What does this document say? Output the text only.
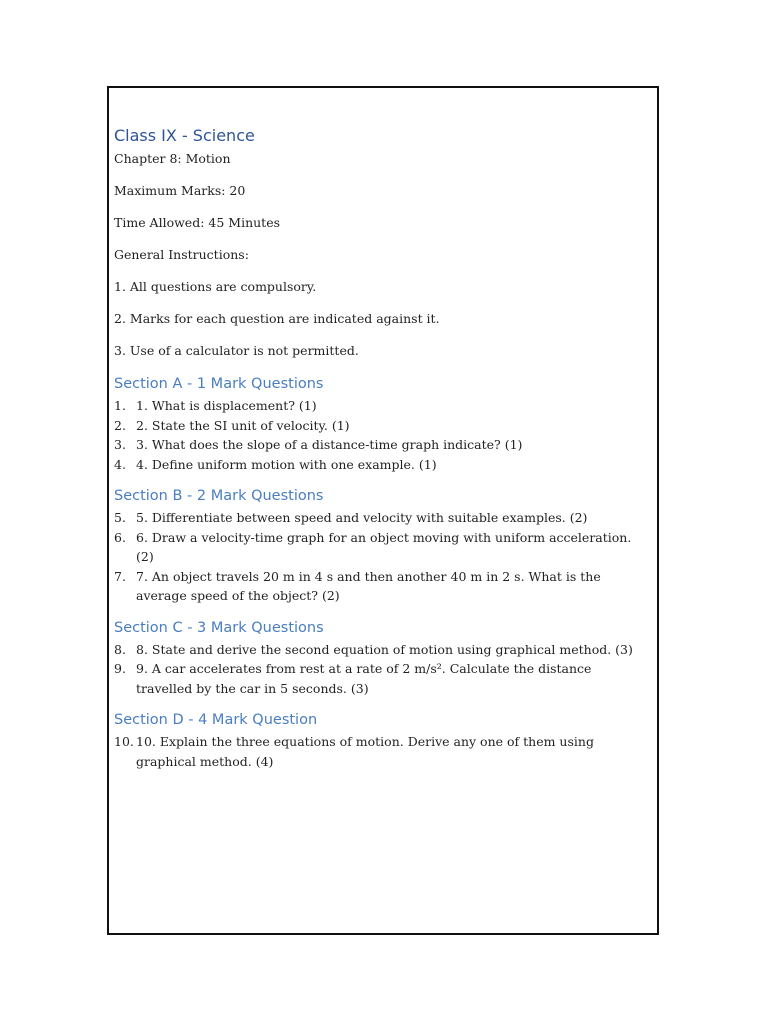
Class IX - Science

Chapter 8: Motion

Maximum Marks: 20

Time Allowed: 45 Minutes

General Instructions:

1. All questions are compulsory.

2. Marks for each question are indicated against it.

3. Use of a calculator is not permitted.

Section A - 1 Mark Questions
1. 1. What is displacement? (1)
2. 2. State the SI unit of velocity. (1)
3. 3. What does the slope of a distance-time graph indicate? (1)
4. 4. Define uniform motion with one example. (1)
Section B - 2 Mark Questions
5. 5. Differentiate between speed and velocity with suitable examples. (2)
6. 6. Draw a velocity-time graph for an object moving with uniform acceleration. (2)
7. 7. An object travels 20 m in 4 s and then another 40 m in 2 s. What is the average speed of the object? (2)
Section C - 3 Mark Questions
8. 8. State and derive the second equation of motion using graphical method. (3)
9. 9. A car accelerates from rest at a rate of 2 m/s². Calculate the distance travelled by the car in 5 seconds. (3)
Section D - 4 Mark Question
10. 10. Explain the three equations of motion. Derive any one of them using graphical method. (4)
